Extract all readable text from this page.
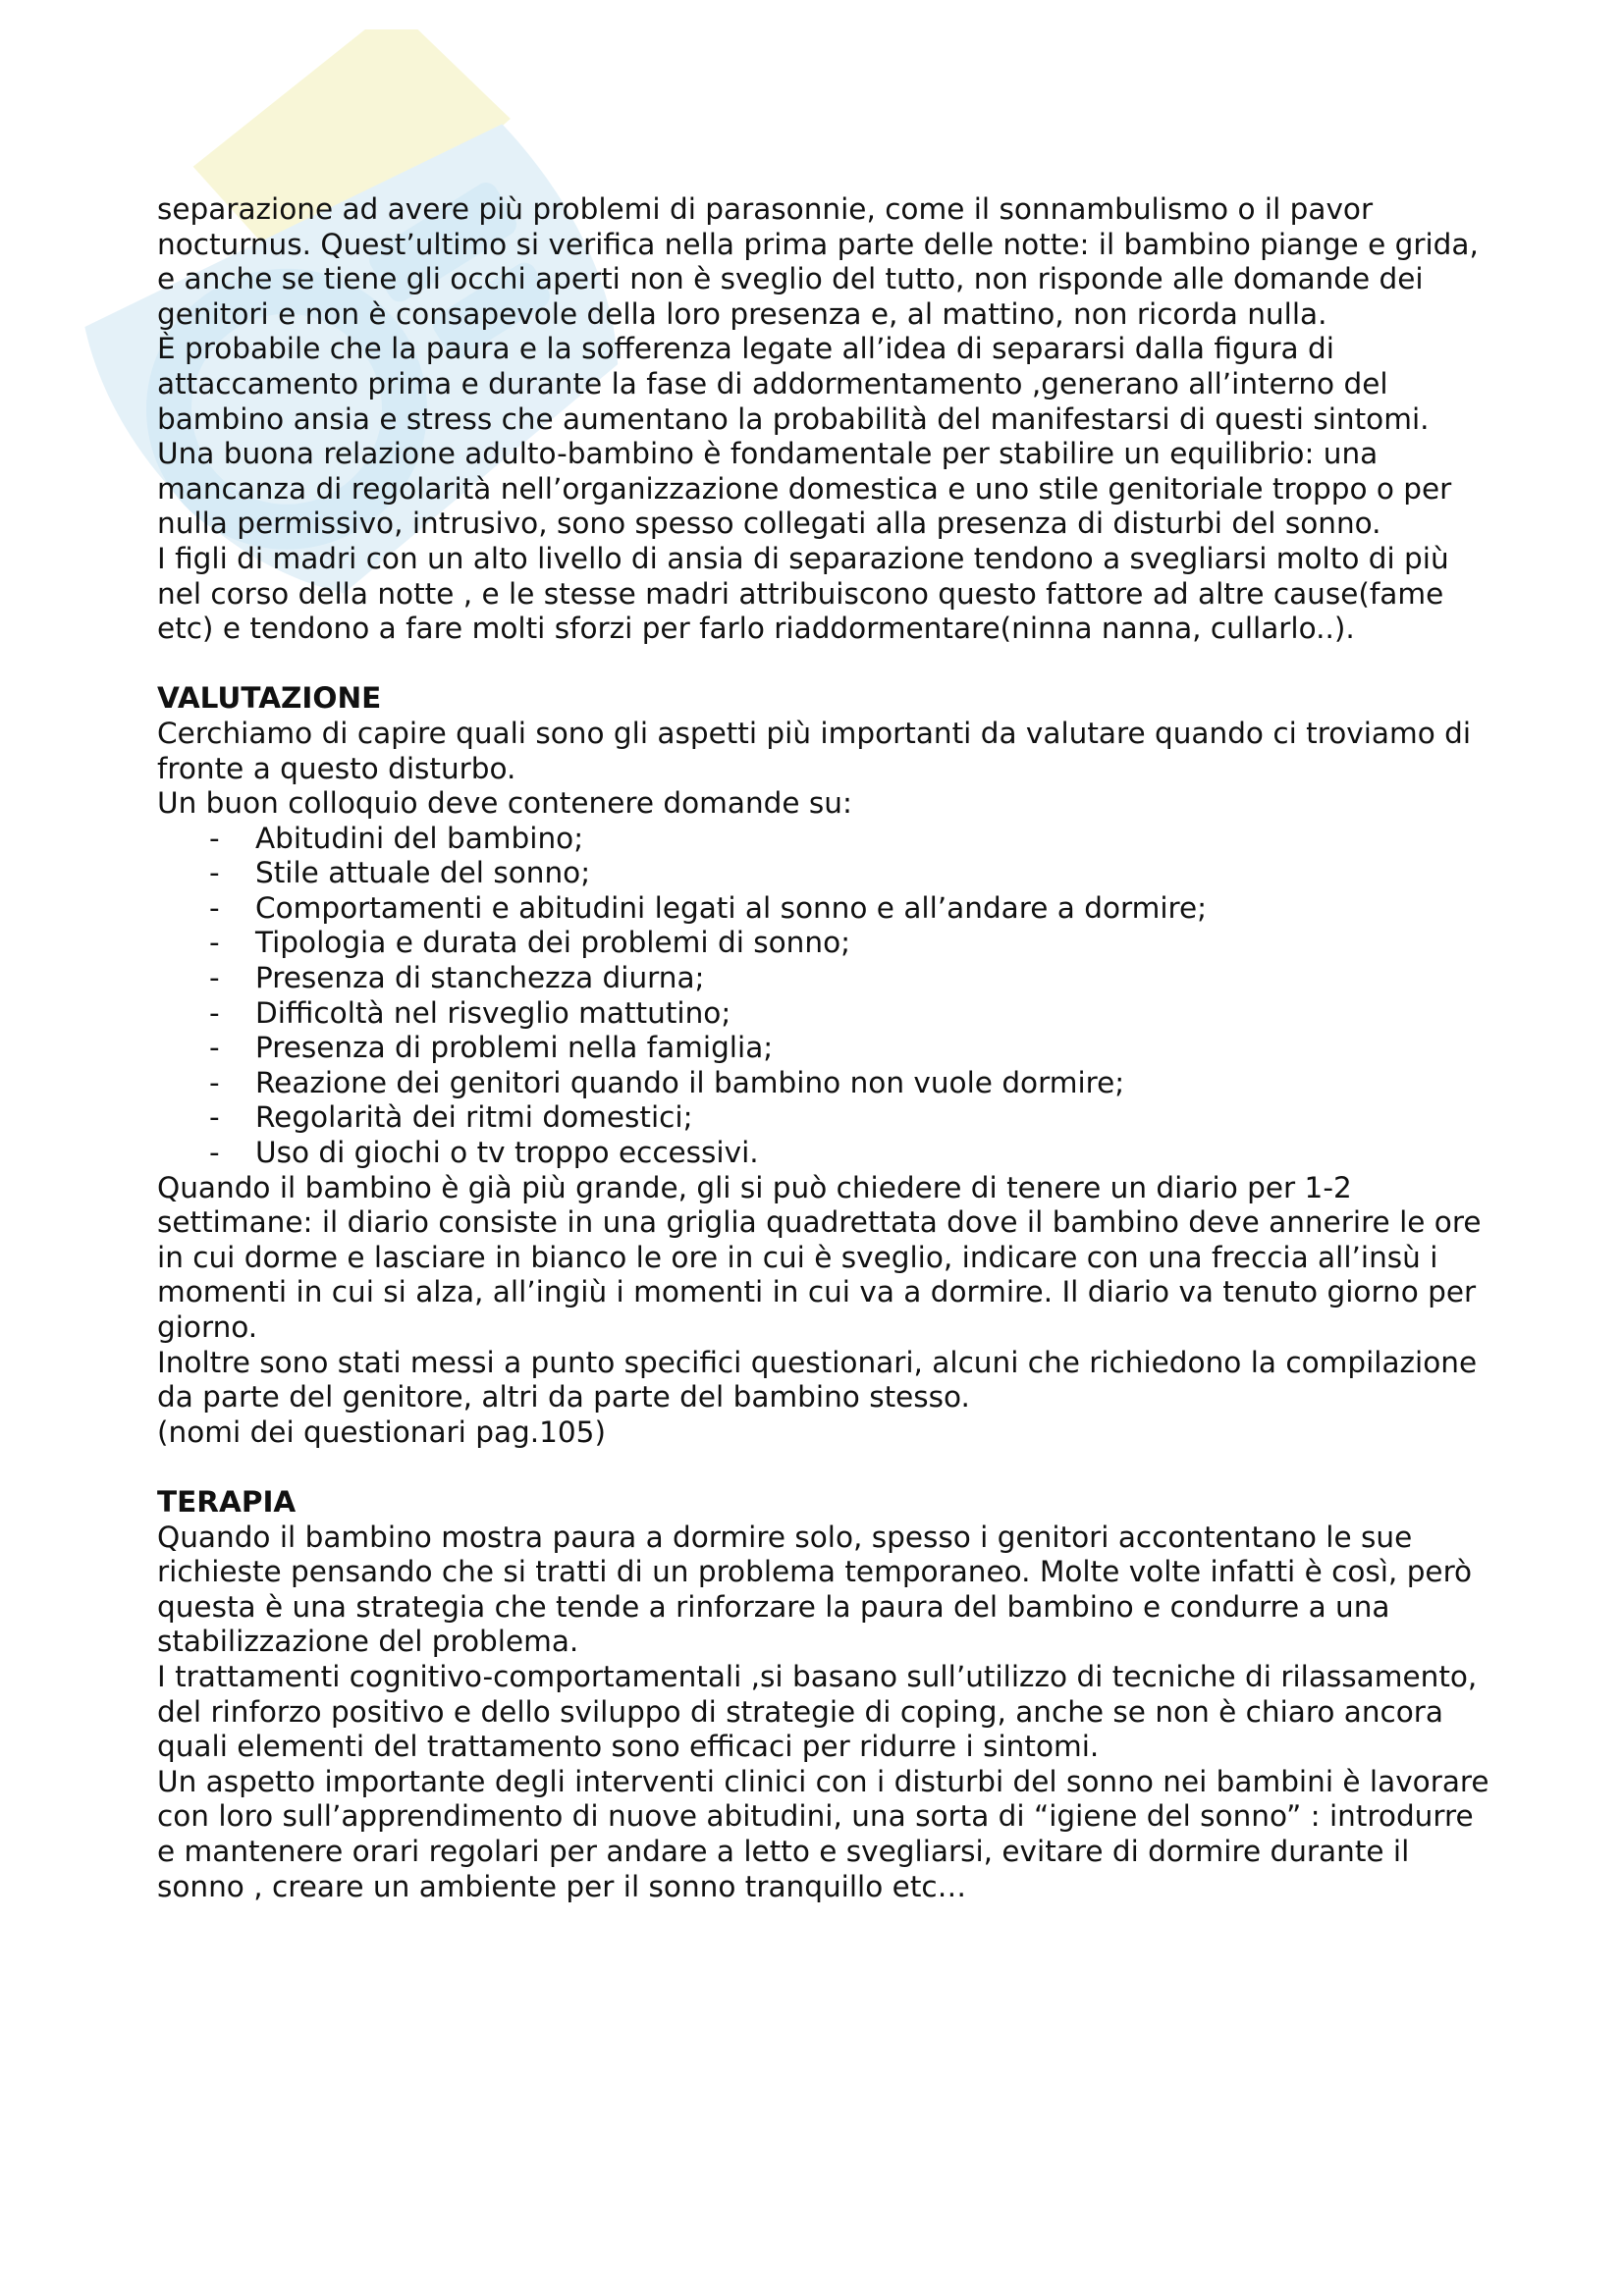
separazione ad avere più problemi di parasonnie, come il sonnambulismo o il pavor nocturnus. Quest’ultimo si verifica nella prima parte delle notte: il bambino piange e grida, e anche se tiene gli occhi aperti non è sveglio del tutto, non risponde alle domande dei genitori e non è consapevole della loro presenza e, al mattino, non ricorda nulla.

È probabile che la paura e la sofferenza legate all’idea di separarsi dalla figura di attaccamento prima e durante la fase di addormentamento ,generano all’interno del bambino ansia e stress che aumentano la probabilità del manifestarsi di questi sintomi.

Una buona relazione adulto-bambino è fondamentale per stabilire un equilibrio: una mancanza di regolarità nell’organizzazione domestica e uno stile genitoriale troppo o per nulla permissivo, intrusivo, sono spesso collegati alla presenza di disturbi del sonno.

I figli di madri con un alto livello di ansia di separazione tendono a svegliarsi molto di più nel corso della notte , e le stesse madri attribuiscono questo fattore ad altre cause(fame etc) e tendono a fare molti sforzi per farlo riaddormentare(ninna nanna, cullarlo..).

VALUTAZIONE

Cerchiamo di capire quali sono gli aspetti più importanti da valutare quando ci troviamo di fronte a questo disturbo.

Un buon colloquio deve contenere domande su:

- Abitudini del bambino;
- Stile attuale del sonno;
- Comportamenti e abitudini legati al sonno e all’andare a dormire;
- Tipologia e durata dei problemi di sonno;
- Presenza di stanchezza diurna;
- Difficoltà nel risveglio mattutino;
- Presenza di problemi nella famiglia;
- Reazione dei genitori quando il bambino non vuole dormire;
- Regolarità dei ritmi domestici;
- Uso di giochi o tv troppo eccessivi.

Quando il bambino è già più grande, gli si può chiedere di tenere un diario per 1-2 settimane: il diario consiste in una griglia quadrettata dove il bambino deve annerire le ore in cui dorme e lasciare in bianco le ore in cui è sveglio, indicare con una freccia all’insù i momenti in cui si alza, all’ingiù i momenti in cui va a dormire. Il diario va tenuto giorno per giorno.

Inoltre sono stati messi a punto specifici questionari, alcuni che richiedono la compilazione da parte del genitore, altri da parte del bambino stesso.

(nomi dei questionari pag.105)

TERAPIA

Quando il bambino mostra paura a dormire solo, spesso i genitori accontentano le sue richieste pensando che si tratti di un problema temporaneo. Molte volte infatti è così, però questa è una strategia che tende a rinforzare la paura del bambino e condurre a una stabilizzazione del problema.

I trattamenti cognitivo-comportamentali ,si basano sull’utilizzo di tecniche di rilassamento, del rinforzo positivo e dello sviluppo di strategie di coping, anche se non è chiaro ancora quali elementi del trattamento sono efficaci per ridurre i sintomi.

Un aspetto importante degli interventi clinici con i disturbi del sonno nei bambini è lavorare con loro sull’apprendimento di nuove abitudini, una sorta di “igiene del sonno” : introdurre e mantenere orari regolari per andare a letto e svegliarsi, evitare di dormire durante il sonno , creare un ambiente per il sonno tranquillo etc…
